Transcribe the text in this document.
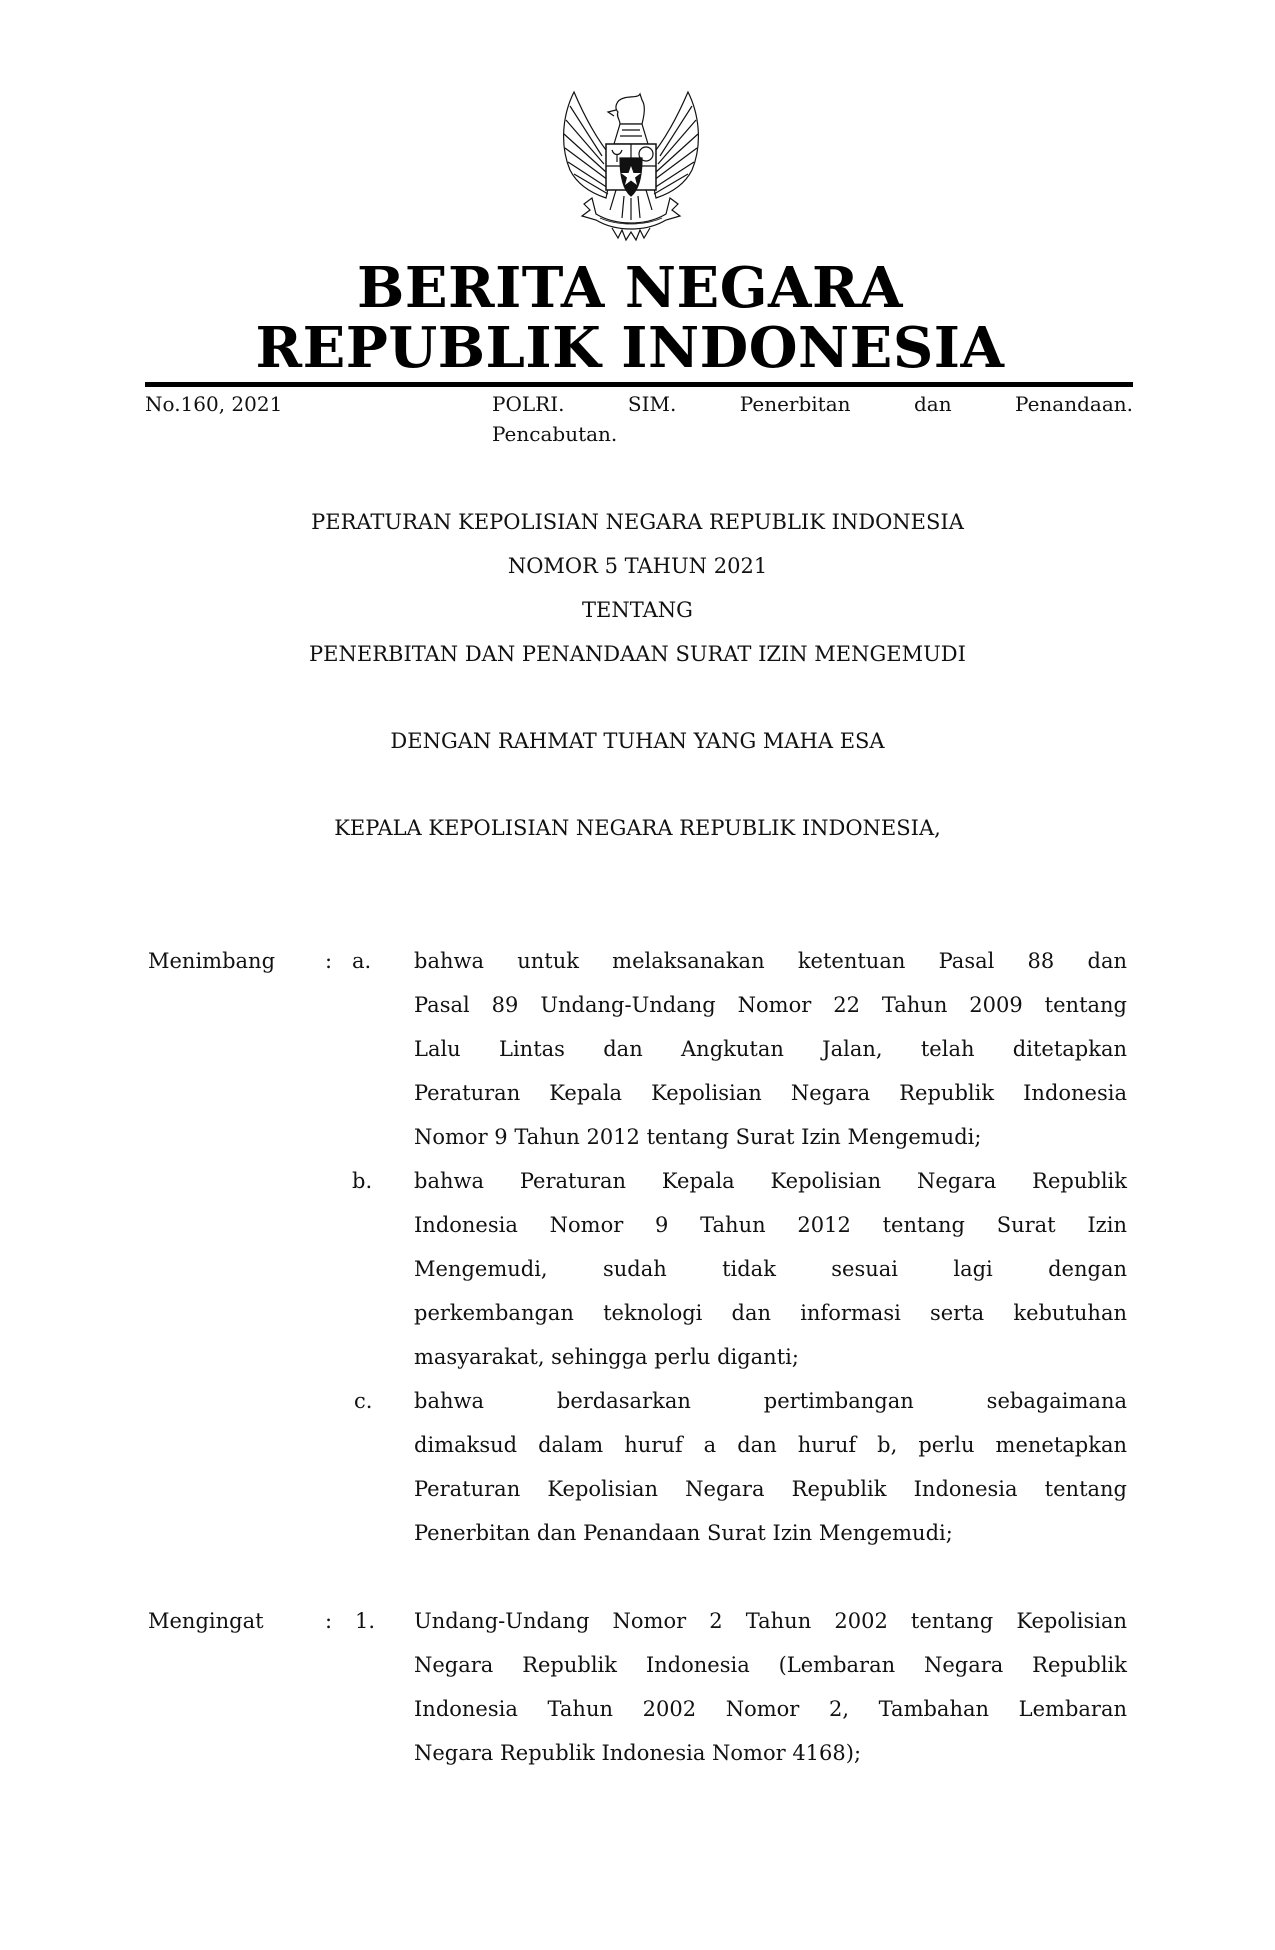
BERITA NEGARA
REPUBLIK INDONESIA
No.160, 2021	POLRI.	SIM.	Penerbitan	dan	Penandaan.
Pencabutan.
PERATURAN KEPOLISIAN NEGARA REPUBLIK INDONESIA
NOMOR 5 TAHUN 2021
TENTANG
PENERBITAN DAN PENANDAAN SURAT IZIN MENGEMUDI
DENGAN RAHMAT TUHAN YANG MAHA ESA
KEPALA KEPOLISIAN NEGARA REPUBLIK INDONESIA,
Menimbang : a. bahwa untuk melaksanakan ketentuan Pasal 88 dan
Pasal 89 Undang-Undang Nomor 22 Tahun 2009 tentang
Lalu Lintas dan Angkutan Jalan, telah ditetapkan
Peraturan Kepala Kepolisian Negara Republik Indonesia
Nomor 9 Tahun 2012 tentang Surat Izin Mengemudi;
b. bahwa Peraturan Kepala Kepolisian Negara Republik
Indonesia Nomor 9 Tahun 2012 tentang Surat Izin
Mengemudi, sudah tidak sesuai lagi dengan
perkembangan teknologi dan informasi serta kebutuhan
masyarakat, sehingga perlu diganti;
c. bahwa berdasarkan pertimbangan sebagaimana
dimaksud dalam huruf a dan huruf b, perlu menetapkan
Peraturan Kepolisian Negara Republik Indonesia tentang
Penerbitan dan Penandaan Surat Izin Mengemudi;
Mengingat	: 1. Undang-Undang Nomor 2 Tahun 2002 tentang Kepolisian
Negara Republik Indonesia (Lembaran Negara Republik
Indonesia Tahun 2002 Nomor 2, Tambahan Lembaran
Negara Republik Indonesia Nomor 4168);
